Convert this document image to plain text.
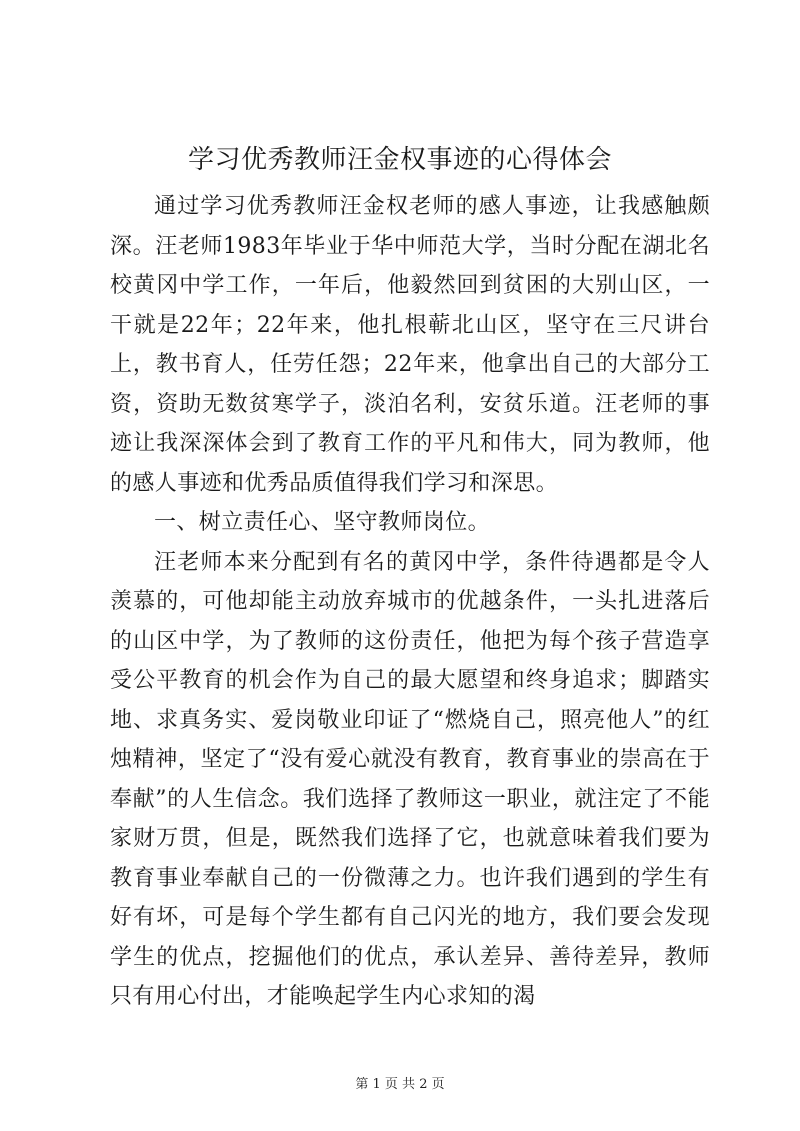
学习优秀教师汪金权事迹的心得体会

通过学习优秀教师汪金权老师的感人事迹，让我感触颇深。汪老师1983年毕业于华中师范大学，当时分配在湖北名校黄冈中学工作，一年后，他毅然回到贫困的大别山区，一干就是22年；22年来，他扎根蕲北山区，坚守在三尺讲台上，教书育人，任劳任怨；22年来，他拿出自己的大部分工资，资助无数贫寒学子，淡泊名利，安贫乐道。汪老师的事迹让我深深体会到了教育工作的平凡和伟大，同为教师，他的感人事迹和优秀品质值得我们学习和深思。

一、树立责任心、坚守教师岗位。

汪老师本来分配到有名的黄冈中学，条件待遇都是令人羡慕的，可他却能主动放弃城市的优越条件，一头扎进落后的山区中学，为了教师的这份责任，他把为每个孩子营造享受公平教育的机会作为自己的最大愿望和终身追求；脚踏实地、求真务实、爱岗敬业印证了“燃烧自己，照亮他人”的红烛精神，坚定了“没有爱心就没有教育，教育事业的崇高在于奉献”的人生信念。我们选择了教师这一职业，就注定了不能家财万贯，但是，既然我们选择了它，也就意味着我们要为教育事业奉献自己的一份微薄之力。也许我们遇到的学生有好有坏，可是每个学生都有自己闪光的地方，我们要会发现学生的优点，挖掘他们的优点，承认差异、善待差异，教师只有用心付出，才能唤起学生内心求知的渴

第 1 页 共 2 页
